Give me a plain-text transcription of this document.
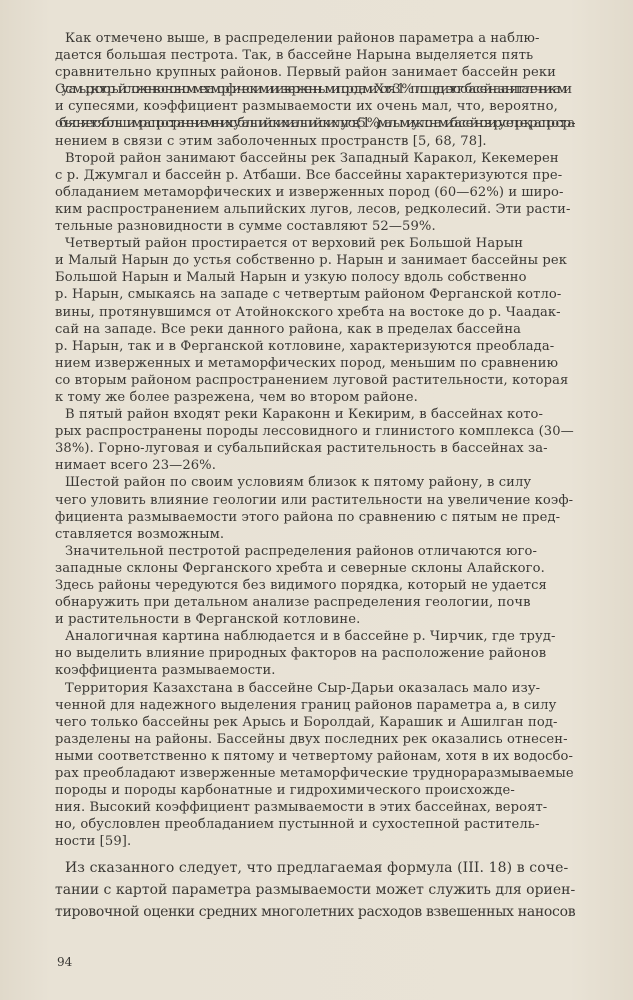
Как отмечено выше, в распределении районов параметра a наблю-
дается большая пестрота. Так, в бассейне Нарына выделяется пять
сравнительно крупных районов. Первый район занимает бассейн реки
Сусамыр, который сложен в основном метаморфическими и изверженными породами. Хотя 31% площади этого бассейна занят галечниками
и супесями, коэффициент размываемости их очень мал, что, вероятно,
объясняется большим распространением в них субальпийских и альпийских лугов (51%), малыми уклонами бассейнов и русел рек, распростра-
нением в связи с этим заболоченных пространств [5, 68, 78].
Второй район занимают бассейны рек Западный Каракол, Кекемерен
с р. Джумгал и бассейн р. Атбаши. Все бассейны характеризуются пре-
обладанием метаморфических и изверженных пород (60—62%) и широ-
ким распространением альпийских лугов, лесов, редколесий. Эти расти-
тельные разновидности в сумме составляют 52—59%.
Четвертый район простирается от верховий рек Большой Нарын
и Малый Нарын до устья собственно р. Нарын и занимает бассейны рек
Большой Нарын и Малый Нарын и узкую полосу вдоль собственно
р. Нарын, смыкаясь на западе с четвертым районом Ферганской котло-
вины, протянувшимся от Атойнокского хребта на востоке до р. Чаадак-
сай на западе. Все реки данного района, как в пределах бассейна
р. Нарын, так и в Ферганской котловине, характеризуются преоблада-
нием изверженных и метаморфических пород, меньшим по сравнению
со вторым районом распространением луговой растительности, которая
к тому же более разрежена, чем во втором районе.
В пятый район входят реки Караконн и Кекирим, в бассейнах кото-
рых распространены породы лессовидного и глинистого комплекса (30—
38%). Горно-луговая и субальпийская растительность в бассейнах за-
нимает всего 23—26%.
Шестой район по своим условиям близок к пятому району, в силу
чего уловить влияние геологии или растительности на увеличение коэф-
фициента размываемости этого района по сравнению с пятым не пред-
ставляется возможным.
Значительной пестротой распределения районов отличаются юго-
западные склоны Ферганского хребта и северные склоны Алайского.
Здесь районы чередуются без видимого порядка, который не удается
обнаружить при детальном анализе распределения геологии, почв
и растительности в Ферганской котловине.
Аналогичная картина наблюдается и в бассейне р. Чирчик, где труд-
но выделить влияние природных факторов на расположение районов
коэффициента размываемости.
Территория Казахстана в бассейне Сыр-Дарьи оказалась мало изу-
ченной для надежного выделения границ районов параметра a, в силу
чего только бассейны рек Арысь и Боролдай, Карашик и Ашилган под-
разделены на районы. Бассейны двух последних рек оказались отнесен-
ными соответственно к пятому и четвертому районам, хотя в их водосбо-
рах преобладают изверженные метаморфические труднораразмываемые
породы и породы карбонатные и гидрохимического происхожде-
ния. Высокий коэффициент размываемости в этих бассейнах, вероят-
но, обусловлен преобладанием пустынной и сухостепной раститель-
ности [59].
Из сказанного следует, что предлагаемая формула (III. 18) в соче-
тании с картой параметра размываемости может служить для ориен-
тировочной оценки средних многолетних расходов взвешенных наносов
94
